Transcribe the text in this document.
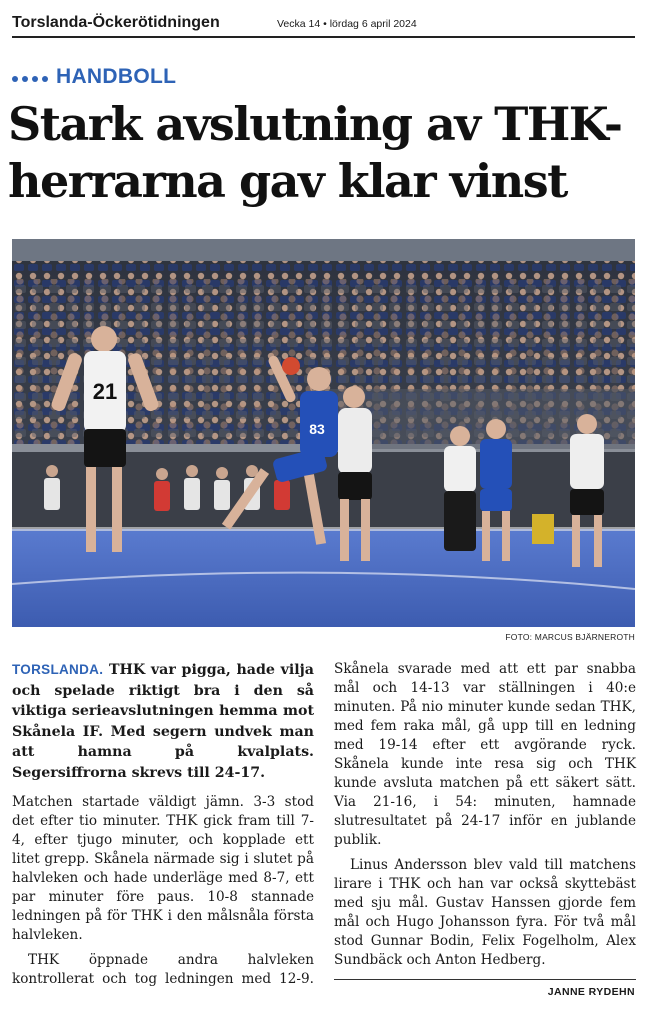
Torslanda-Öckerötidningen	Vecka 14 • lördag 6 april 2024
HANDBOLL
Stark avslutning av THK-herrarna gav klar vinst
21
83
FOTO: MARCUS BJÄRNEROTH

TORSLANDA. THK var pigga, hade vilja och spelade riktigt bra i den så viktiga serieavslutningen hemma mot Skånela IF. Med segern undvek man att hamna på kvalplats. Segersiffrorna skrevs till 24-17.

Matchen startade väldigt jämn. 3-3 stod det efter tio minuter. THK gick fram till 7-4, efter tjugo minuter, och kopplade ett litet grepp. Skånela närmade sig i slutet på halvleken och hade underläge med 8-7, ett par minuter före paus. 10-8 stannade ledningen på för THK i den målsnåla första halvleken.

THK öppnade andra halvleken kontrollerat och tog ledningen med 12-9.

Skånela svarade med att ett par snabba mål och 14-13 var ställningen i 40:e minuten. På nio minuter kunde sedan THK, med fem raka mål, gå upp till en ledning med 19-14 efter ett avgörande ryck. Skånela kunde inte resa sig och THK kunde avsluta matchen på ett säkert sätt. Via 21-16, i 54: minuten, hamnade slutresultatet på 24-17 inför en jublande publik.

Linus Andersson blev vald till matchens lirare i THK och han var också skyttebäst med sju mål. Gustav Hanssen gjorde fem mål och Hugo Johansson fyra. För två mål stod Gunnar Bodin, Felix Fogelholm, Alex Sundbäck och Anton Hedberg.

JANNE RYDEHN
